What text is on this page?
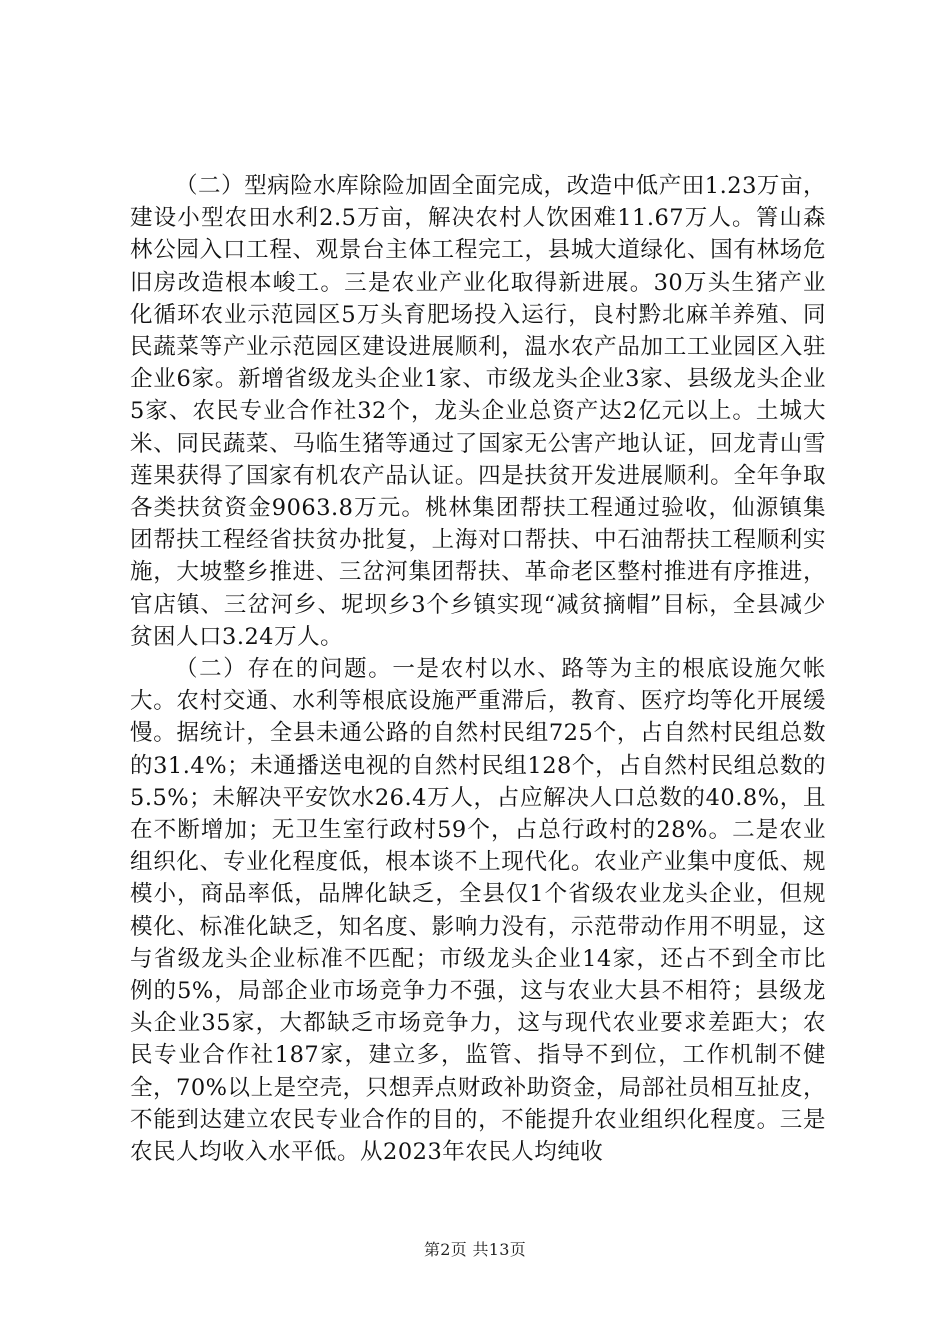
（二）型病险水库除险加固全面完成，改造中低产田1.23万亩，建设小型农田水利2.5万亩，解决农村人饮困难11.67万人。箐山森林公园入口工程、观景台主体工程完工，县城大道绿化、国有林场危旧房改造根本峻工。三是农业产业化取得新进展。30万头生猪产业化循环农业示范园区5万头育肥场投入运行，良村黔北麻羊养殖、同民蔬菜等产业示范园区建设进展顺利，温水农产品加工工业园区入驻企业6家。新增省级龙头企业1家、市级龙头企业3家、县级龙头企业5家、农民专业合作社32个，龙头企业总资产达2亿元以上。土城大米、同民蔬菜、马临生猪等通过了国家无公害产地认证，回龙青山雪莲果获得了国家有机农产品认证。四是扶贫开发进展顺利。全年争取各类扶贫资金9063.8万元。桃林集团帮扶工程通过验收，仙源镇集团帮扶工程经省扶贫办批复，上海对口帮扶、中石油帮扶工程顺利实施，大坡整乡推进、三岔河集团帮扶、革命老区整村推进有序推进，官店镇、三岔河乡、坭坝乡3个乡镇实现“减贫摘帽”目标，全县减少贫困人口3.24万人。

（二）存在的问题。一是农村以水、路等为主的根底设施欠帐大。农村交通、水利等根底设施严重滞后，教育、医疗均等化开展缓慢。据统计，全县未通公路的自然村民组725个，占自然村民组总数的31.4%；未通播送电视的自然村民组128个，占自然村民组总数的5.5%；未解决平安饮水26.4万人，占应解决人口总数的40.8%，且在不断增加；无卫生室行政村59个，占总行政村的28%。二是农业组织化、专业化程度低，根本谈不上现代化。农业产业集中度低、规模小，商品率低，品牌化缺乏，全县仅1个省级农业龙头企业，但规模化、标准化缺乏，知名度、影响力没有，示范带动作用不明显，这与省级龙头企业标准不匹配；市级龙头企业14家，还占不到全市比例的5%，局部企业市场竞争力不强，这与农业大县不相符；县级龙头企业35家，大都缺乏市场竞争力，这与现代农业要求差距大；农民专业合作社187家，建立多，监管、指导不到位，工作机制不健全，70%以上是空壳，只想弄点财政补助资金，局部社员相互扯皮，不能到达建立农民专业合作的目的，不能提升农业组织化程度。三是农民人均收入水平低。从2023年农民人均纯收

第2页 共13页
